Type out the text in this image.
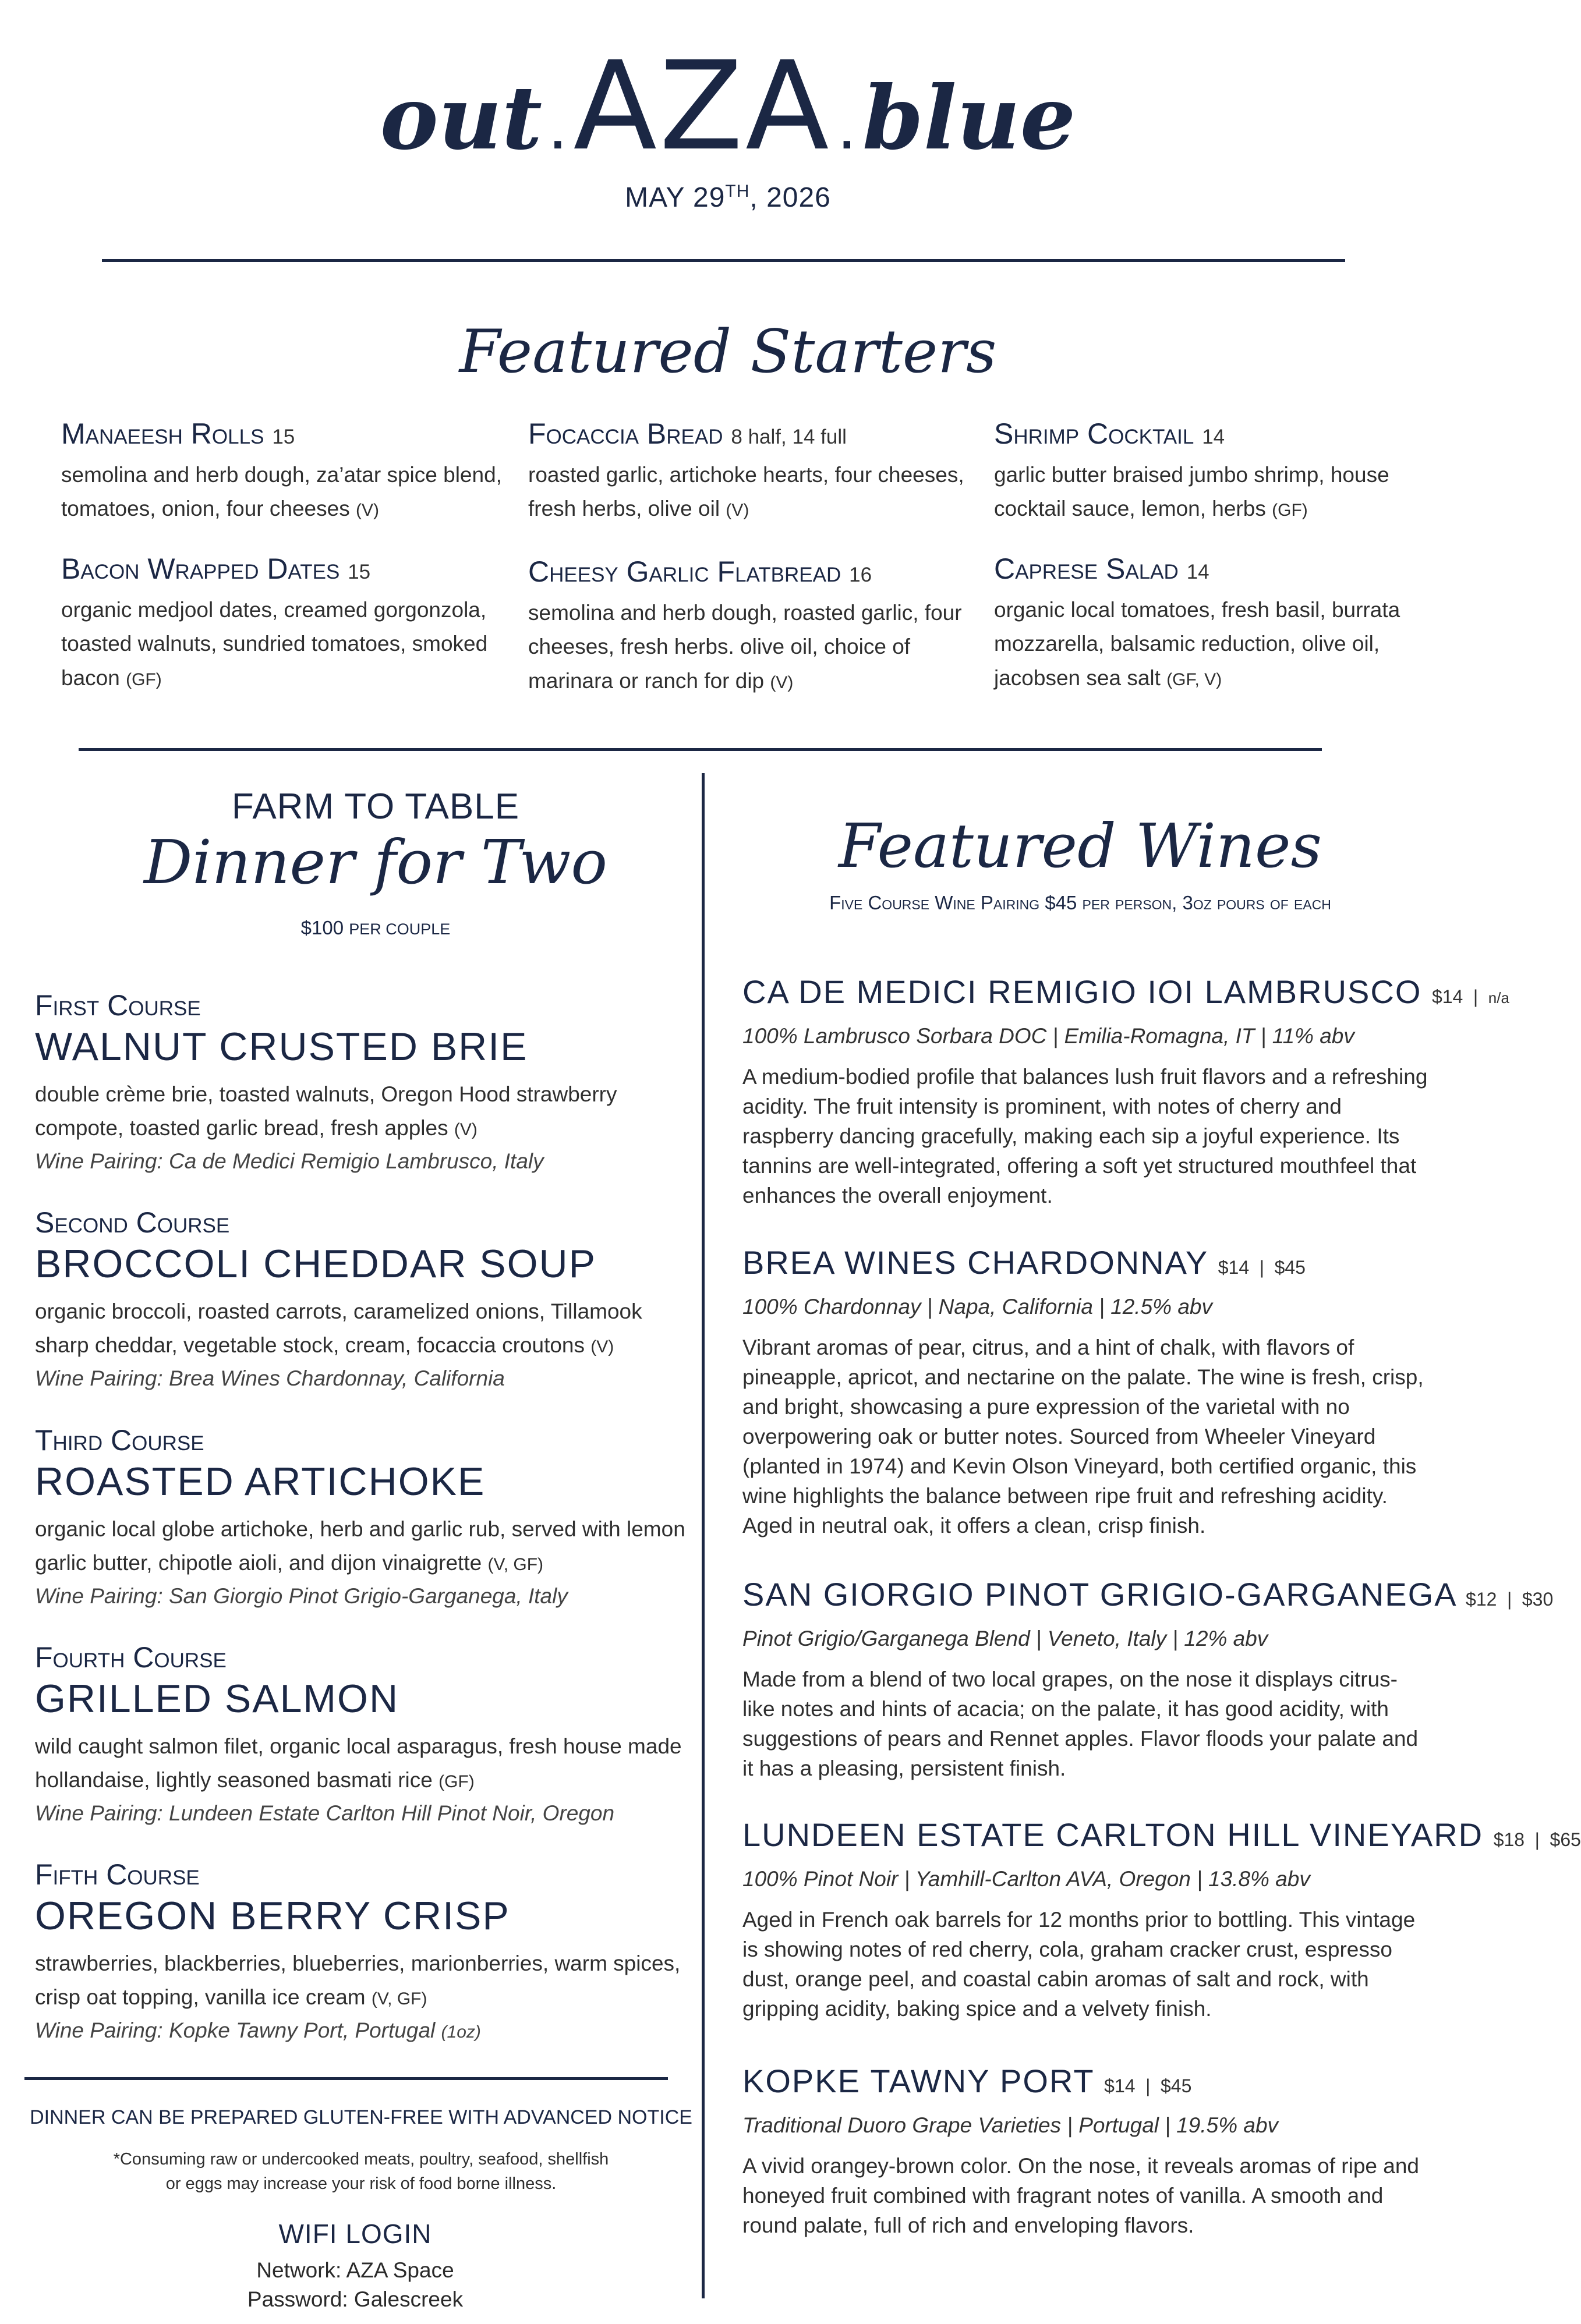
out.AZA.blue
MAY 29TH, 2026
Featured Starters
Manaeesh Rolls 15
semolina and herb dough, za’atar spice blend, tomatoes, onion, four cheeses (V)
Focaccia Bread 8 half, 14 full
roasted garlic, artichoke hearts, four cheeses, fresh herbs, olive oil (V)
Shrimp Cocktail 14
garlic butter braised jumbo shrimp, house cocktail sauce, lemon, herbs (GF)
Bacon Wrapped Dates 15
organic medjool dates, creamed gorgonzola, toasted walnuts, sundried tomatoes, smoked bacon (GF)
Cheesy Garlic Flatbread 16
semolina and herb dough, roasted garlic, four cheeses, fresh herbs. olive oil, choice of marinara or ranch for dip (V)
Caprese Salad 14
organic local tomatoes, fresh basil, burrata mozzarella, balsamic reduction, olive oil, jacobsen sea salt (GF, V)
FARM TO TABLE
Dinner for Two
$100 PER COUPLE
First Course
WALNUT CRUSTED BRIE
double crème brie, toasted walnuts, Oregon Hood strawberry compote, toasted garlic bread, fresh apples (V)
Wine Pairing: Ca de Medici Remigio Lambrusco, Italy
Second Course
BROCCOLI CHEDDAR SOUP
organic broccoli, roasted carrots, caramelized onions, Tillamook sharp cheddar, vegetable stock, cream, focaccia croutons (V)
Wine Pairing: Brea Wines Chardonnay, California
Third Course
ROASTED ARTICHOKE
organic local globe artichoke, herb and garlic rub, served with lemon garlic butter, chipotle aioli, and dijon vinaigrette (V, GF)
Wine Pairing: San Giorgio Pinot Grigio-Garganega, Italy
Fourth Course
GRILLED SALMON
wild caught salmon filet, organic local asparagus, fresh house made hollandaise, lightly seasoned basmati rice (GF)
Wine Pairing: Lundeen Estate Carlton Hill Pinot Noir, Oregon
Fifth Course
OREGON BERRY CRISP
strawberries, blackberries, blueberries, marionberries, warm spices, crisp oat topping, vanilla ice cream (V, GF)
Wine Pairing: Kopke Tawny Port, Portugal (1oz)
DINNER CAN BE PREPARED GLUTEN-FREE WITH ADVANCED NOTICE
*Consuming raw or undercooked meats, poultry, seafood, shellfish
or eggs may increase your risk of food borne illness.
WIFI LOGIN
Network: AZA Space
Password: Galescreek
Featured Wines
Five Course Wine Pairing $45 per person, 3oz pours of each
CA DE MEDICI REMIGIO IOI LAMBRUSCO $14 | n/a
100% Lambrusco Sorbara DOC | Emilia-Romagna, IT | 11% abv
A medium-bodied profile that balances lush fruit flavors and a refreshing acidity. The fruit intensity is prominent, with notes of cherry and raspberry dancing gracefully, making each sip a joyful experience. Its tannins are well-integrated, offering a soft yet structured mouthfeel that enhances the overall enjoyment.
BREA WINES CHARDONNAY $14 | $45
100% Chardonnay | Napa, California | 12.5% abv
Vibrant aromas of pear, citrus, and a hint of chalk, with flavors of pineapple, apricot, and nectarine on the palate. The wine is fresh, crisp, and bright, showcasing a pure expression of the varietal with no overpowering oak or butter notes. Sourced from Wheeler Vineyard (planted in 1974) and Kevin Olson Vineyard, both certified organic, this wine highlights the balance between ripe fruit and refreshing acidity. Aged in neutral oak, it offers a clean, crisp finish.
SAN GIORGIO PINOT GRIGIO-GARGANEGA $12 | $30
Pinot Grigio/Garganega Blend | Veneto, Italy | 12% abv
Made from a blend of two local grapes, on the nose it displays citrus-like notes and hints of acacia; on the palate, it has good acidity, with suggestions of pears and Rennet apples. Flavor floods your palate and it has a pleasing, persistent finish.
LUNDEEN ESTATE CARLTON HILL VINEYARD $18 | $65
100% Pinot Noir | Yamhill-Carlton AVA, Oregon | 13.8% abv
Aged in French oak barrels for 12 months prior to bottling. This vintage is showing notes of red cherry, cola, graham cracker crust, espresso dust, orange peel, and coastal cabin aromas of salt and rock, with gripping acidity, baking spice and a velvety finish.
KOPKE TAWNY PORT $14 | $45
Traditional Duoro Grape Varieties | Portugal | 19.5% abv
A vivid orangey-brown color. On the nose, it reveals aromas of ripe and honeyed fruit combined with fragrant notes of vanilla. A smooth and round palate, full of rich and enveloping flavors.
